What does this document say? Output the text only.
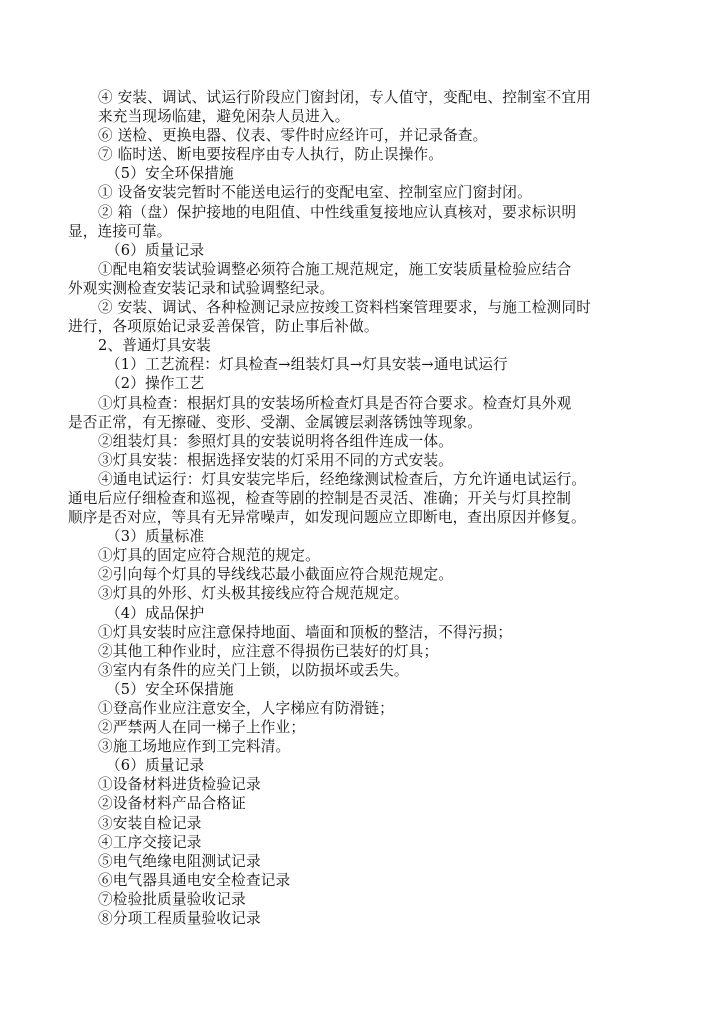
④ 安装、调试、试运行阶段应门窗封闭，专人值守，变配电、控制室不宜用
来充当现场临建，避免闲杂人员进入。
⑥ 送检、更换电器、仪表、零件时应经许可，并记录备查。
⑦ 临时送、断电要按程序由专人执行，防止误操作。
（5）安全环保措施
① 设备安装完暂时不能送电运行的变配电室、控制室应门窗封闭。
② 箱（盘）保护接地的电阻值、中性线重复接地应认真核对，要求标识明
显，连接可靠。
（6）质量记录
①配电箱安装试验调整必须符合施工规范规定，施工安装质量检验应结合
外观实测检查安装记录和试验调整纪录。
② 安装、调试、各种检测记录应按竣工资料档案管理要求，与施工检测同时
进行，各项原始记录妥善保管，防止事后补做。
2、普通灯具安装
（1）工艺流程：灯具检查→组装灯具→灯具安装→通电试运行
（2）操作工艺
①灯具检查：根据灯具的安装场所检查灯具是否符合要求。检查灯具外观
是否正常，有无擦碰、变形、受潮、金属镀层剥落锈蚀等现象。
②组装灯具：参照灯具的安装说明将各组件连成一体。
③灯具安装：根据选择安装的灯采用不同的方式安装。
④通电试运行：灯具安装完毕后，经绝缘测试检查后，方允许通电试运行。
通电后应仔细检查和巡视，检查等剧的控制是否灵活、准确；开关与灯具控制
顺序是否对应，等具有无异常噪声，如发现问题应立即断电，查出原因并修复。
（3）质量标准
①灯具的固定应符合规范的规定。
②引向每个灯具的导线线芯最小截面应符合规范规定。
③灯具的外形、灯头极其接线应符合规范规定。
（4）成品保护
①灯具安装时应注意保持地面、墙面和顶板的整洁，不得污损；
②其他工种作业时，应注意不得损伤已装好的灯具；
③室内有条件的应关门上锁，以防损坏或丢失。
（5）安全环保措施
①登高作业应注意安全，人字梯应有防滑链；
②严禁两人在同一梯子上作业；
③施工场地应作到工完料清。
（6）质量记录
①设备材料进货检验记录
②设备材料产品合格证
③安装自检记录
④工序交接记录
⑤电气绝缘电阻测试记录
⑥电气器具通电安全检查记录
⑦检验批质量验收记录
⑧分项工程质量验收记录
